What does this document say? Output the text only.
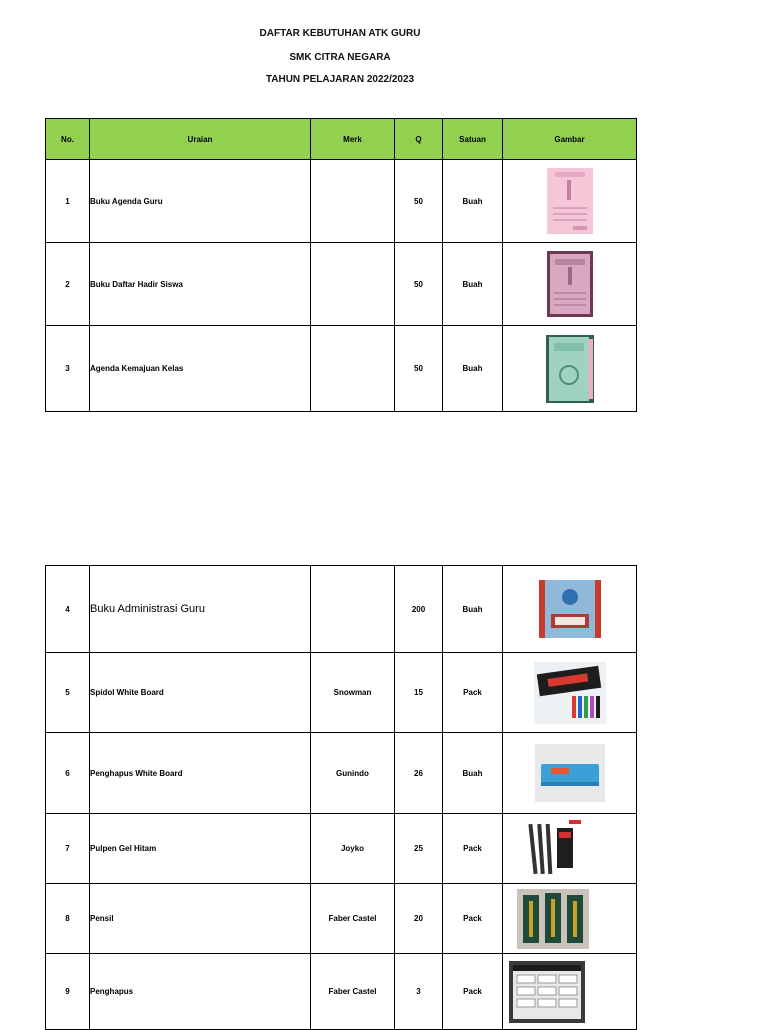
DAFTAR KEBUTUHAN ATK GURU
SMK CITRA NEGARA
TAHUN PELAJARAN 2022/2023
No.	Uraian	Merk	Q	Satuan	Gambar
1	Buku Agenda Guru		50	Buah	

2	Buku Daftar Hadir Siswa		50	Buah	

3	Agenda Kemajuan Kelas		50	Buah	
4	Buku Administrasi Guru		200	Buah	

5	Spidol White Board	Snowman	15	Pack	

6	Penghapus White Board	Gunindo	26	Buah	

7	Pulpen Gel Hitam	Joyko	25	Pack	

8	Pensil	Faber Castel	20	Pack	

9	Penghapus	Faber Castel	3	Pack	
